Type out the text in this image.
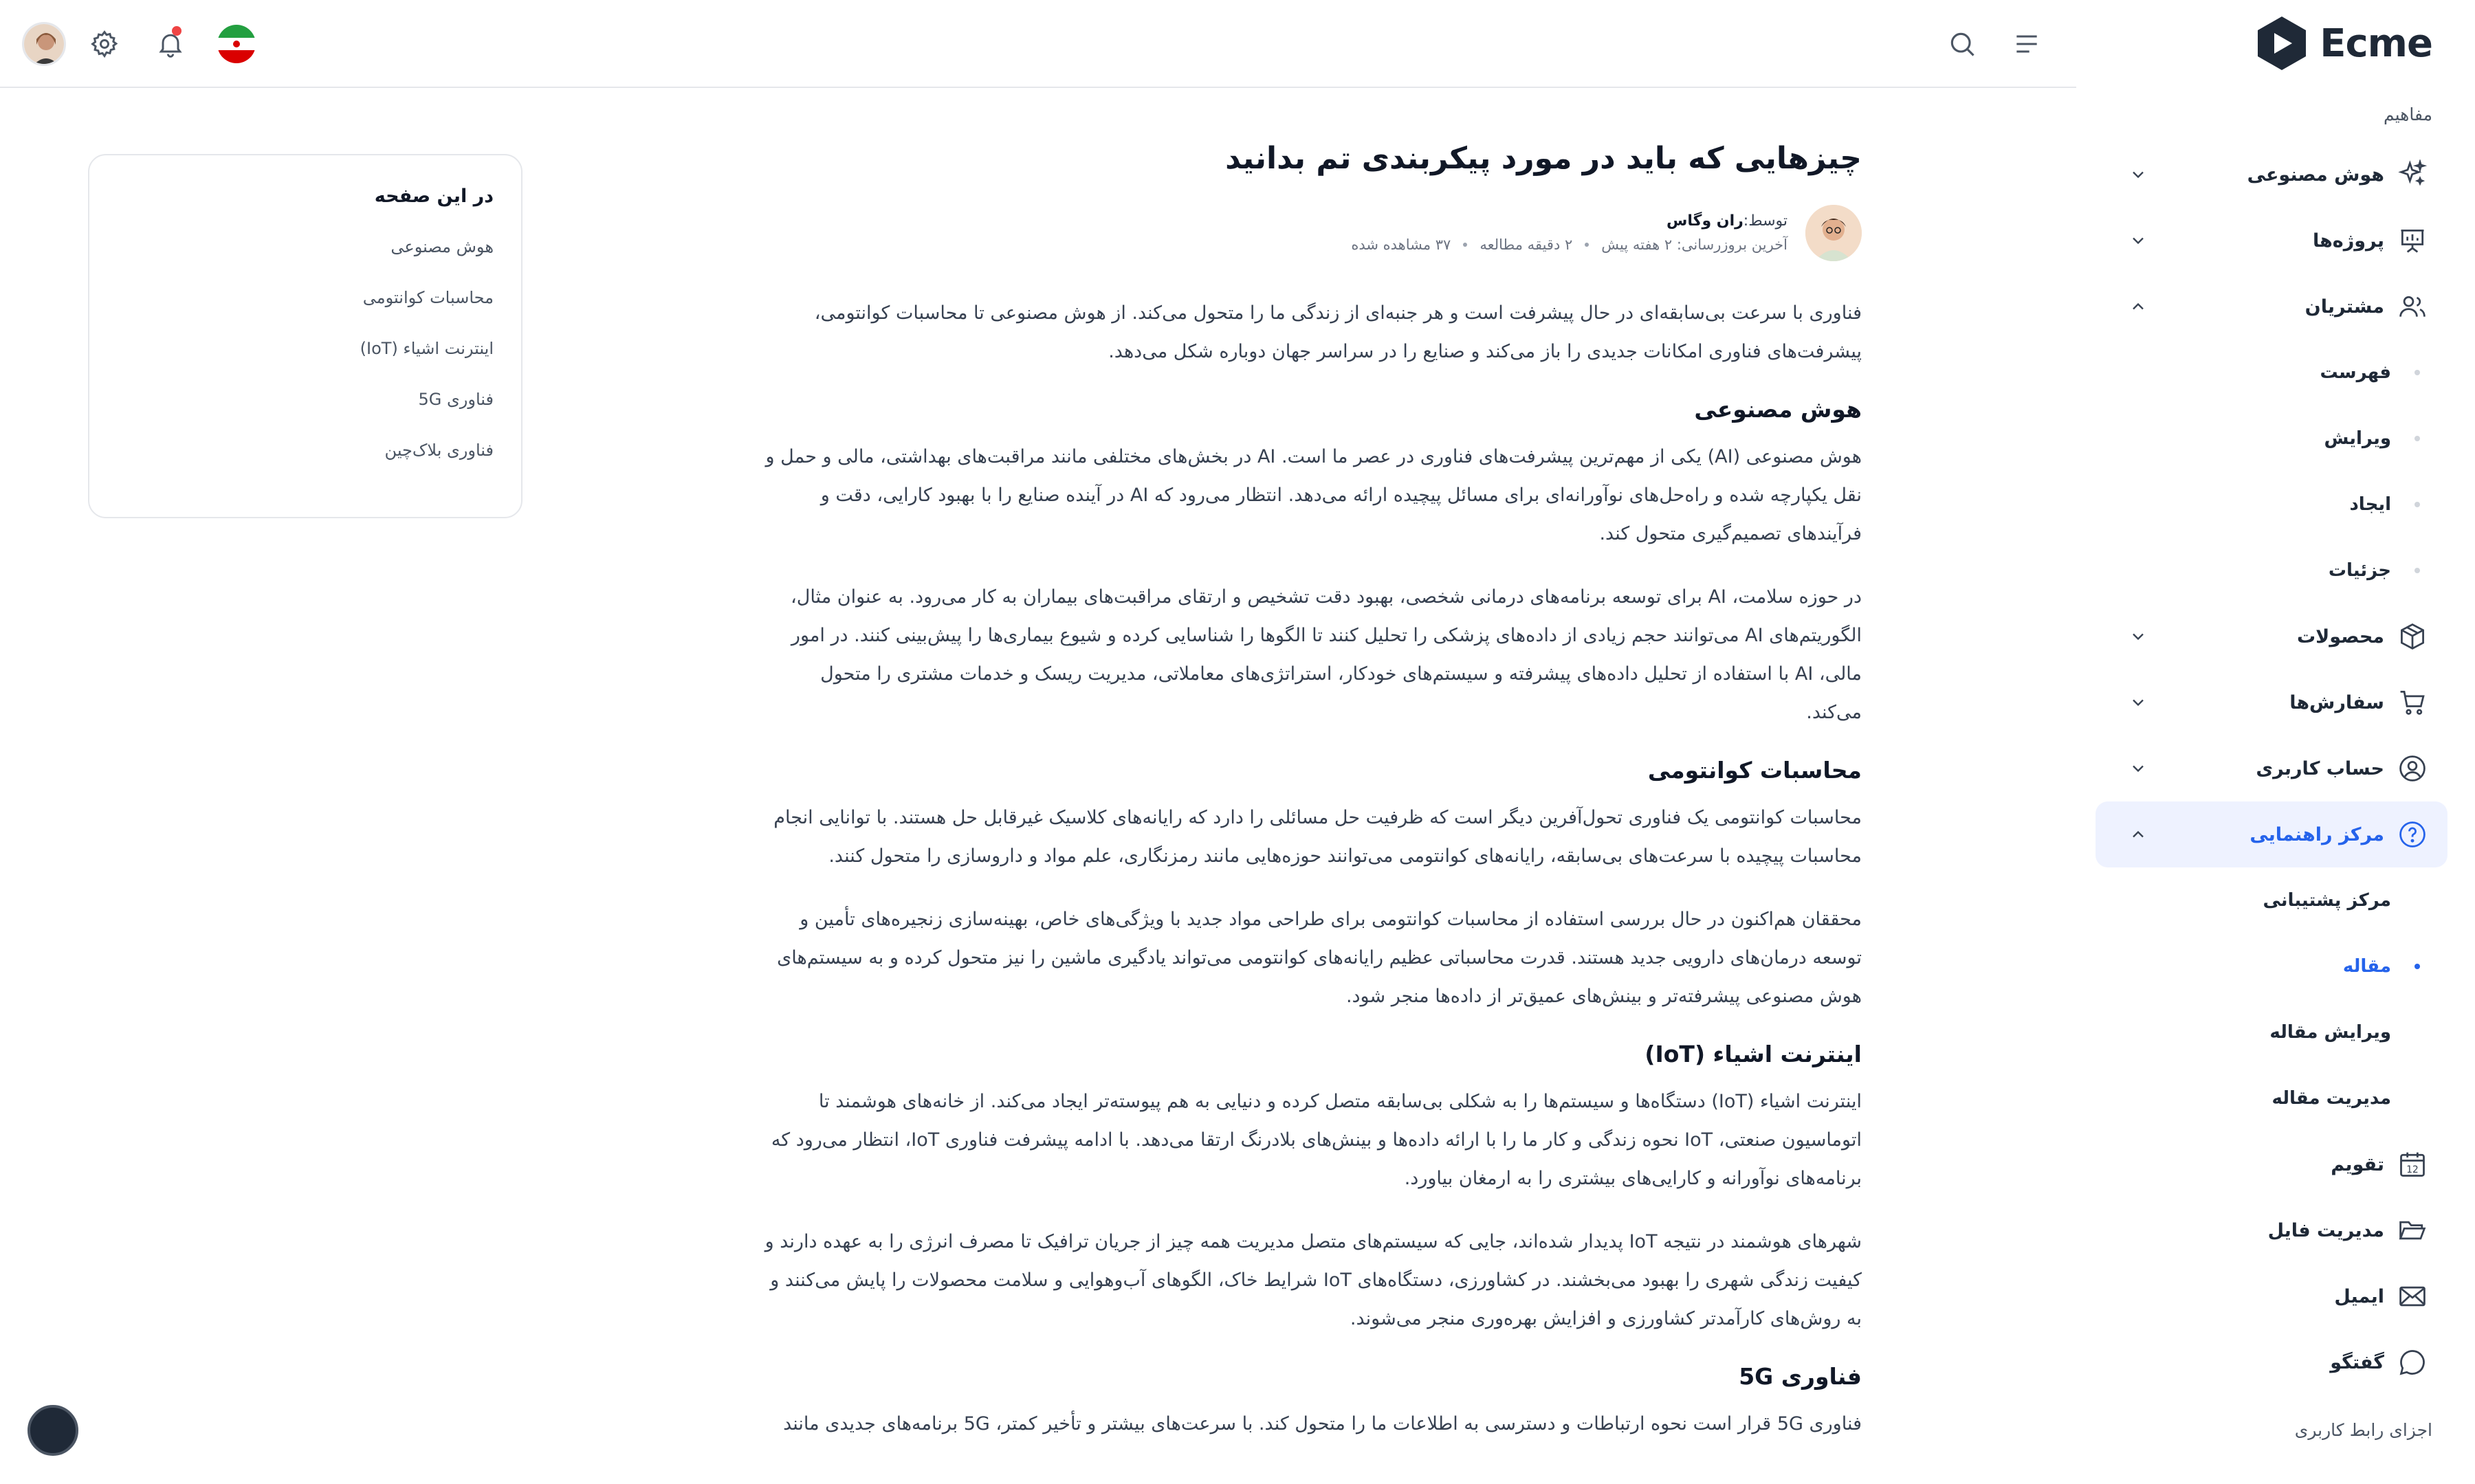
در این صفحه
هوش مصنوعی
محاسبات کوانتومی
اینترنت اشیاء (IoT)
فناوری 5G
فناوری بلاک‌چین
چیزهایی که باید در مورد پیکربندی تم بدانید
توسط:ران وگاس
آخرین بروزرسانی: ۲ هفته پیش
۲ دقیقه مطالعه
۳۷ مشاهده شده

فناوری با سرعت بی‌سابقه‌ای در حال پیشرفت است و هر جنبه‌ای از زندگی ما را متحول می‌کند. از هوش مصنوعی تا محاسبات کوانتومی، پیشرفت‌های فناوری امکانات جدیدی را باز می‌کند و صنایع را در سراسر جهان دوباره شکل می‌دهد.

هوش مصنوعی

هوش مصنوعی (AI) یکی از مهم‌ترین پیشرفت‌های فناوری در عصر ما است. AI در بخش‌های مختلفی مانند مراقبت‌های بهداشتی، مالی و حمل و نقل یکپارچه شده و راه‌حل‌های نوآورانه‌ای برای مسائل پیچیده ارائه می‌دهد. انتظار می‌رود که AI در آینده صنایع را با بهبود کارایی، دقت و فرآیندهای تصمیم‌گیری متحول کند.

در حوزه سلامت، AI برای توسعه برنامه‌های درمانی شخصی، بهبود دقت تشخیص و ارتقای مراقبت‌های بیماران به کار می‌رود. به عنوان مثال، الگوریتم‌های AI می‌توانند حجم زیادی از داده‌های پزشکی را تحلیل کنند تا الگوها را شناسایی کرده و شیوع بیماری‌ها را پیش‌بینی کنند. در امور مالی، AI با استفاده از تحلیل داده‌های پیشرفته و سیستم‌های خودکار، استراتژی‌های معاملاتی، مدیریت ریسک و خدمات مشتری را متحول می‌کند.

محاسبات کوانتومی

محاسبات کوانتومی یک فناوری تحول‌آفرین دیگر است که ظرفیت حل مسائلی را دارد که رایانه‌های کلاسیک غیرقابل حل هستند. با توانایی انجام محاسبات پیچیده با سرعت‌های بی‌سابقه، رایانه‌های کوانتومی می‌توانند حوزه‌هایی مانند رمزنگاری، علم مواد و داروسازی را متحول کنند.

محققان هم‌اکنون در حال بررسی استفاده از محاسبات کوانتومی برای طراحی مواد جدید با ویژگی‌های خاص، بهینه‌سازی زنجیره‌های تأمین و توسعه درمان‌های دارویی جدید هستند. قدرت محاسباتی عظیم رایانه‌های کوانتومی می‌تواند یادگیری ماشین را نیز متحول کرده و به سیستم‌های هوش مصنوعی پیشرفته‌تر و بینش‌های عمیق‌تر از داده‌ها منجر شود.

اینترنت اشیاء (IoT)

اینترنت اشیاء (IoT) دستگاه‌ها و سیستم‌ها را به شکلی بی‌سابقه متصل کرده و دنیایی به هم پیوسته‌تر ایجاد می‌کند. از خانه‌های هوشمند تا اتوماسیون صنعتی، IoT نحوه زندگی و کار ما را با ارائه داده‌ها و بینش‌های بلادرنگ ارتقا می‌دهد. با ادامه پیشرفت فناوری IoT، انتظار می‌رود که برنامه‌های نوآورانه و کارایی‌های بیشتری را به ارمغان بیاورد.

شهرهای هوشمند در نتیجه IoT پدیدار شده‌اند، جایی که سیستم‌های متصل مدیریت همه چیز از جریان ترافیک تا مصرف انرژی را به عهده دارند و کیفیت زندگی شهری را بهبود می‌بخشند. در کشاورزی، دستگاه‌های IoT شرایط خاک، الگوهای آب‌وهوایی و سلامت محصولات را پایش می‌کنند و به روش‌های کارآمدتر کشاورزی و افزایش بهره‌وری منجر می‌شوند.

فناوری 5G

فناوری 5G قرار است نحوه ارتباطات و دسترسی به اطلاعات ما را متحول کند. با سرعت‌های بیشتر و تأخیر کمتر، 5G برنامه‌های جدیدی مانند

Ecme
مفاهیم
هوش مصنوعی
پروژه‌ها
مشتریان
فهرست
ویرایش
ایجاد
جزئیات
محصولات
سفارش‌ها
حساب کاربری
مرکز راهنمایی
مرکز پشتیبانی
مقاله
ویرایش مقاله
مدیریت مقاله
12
تقویم
مدیریت فایل
ایمیل
گفتگو
اجزای رابط کاربری
